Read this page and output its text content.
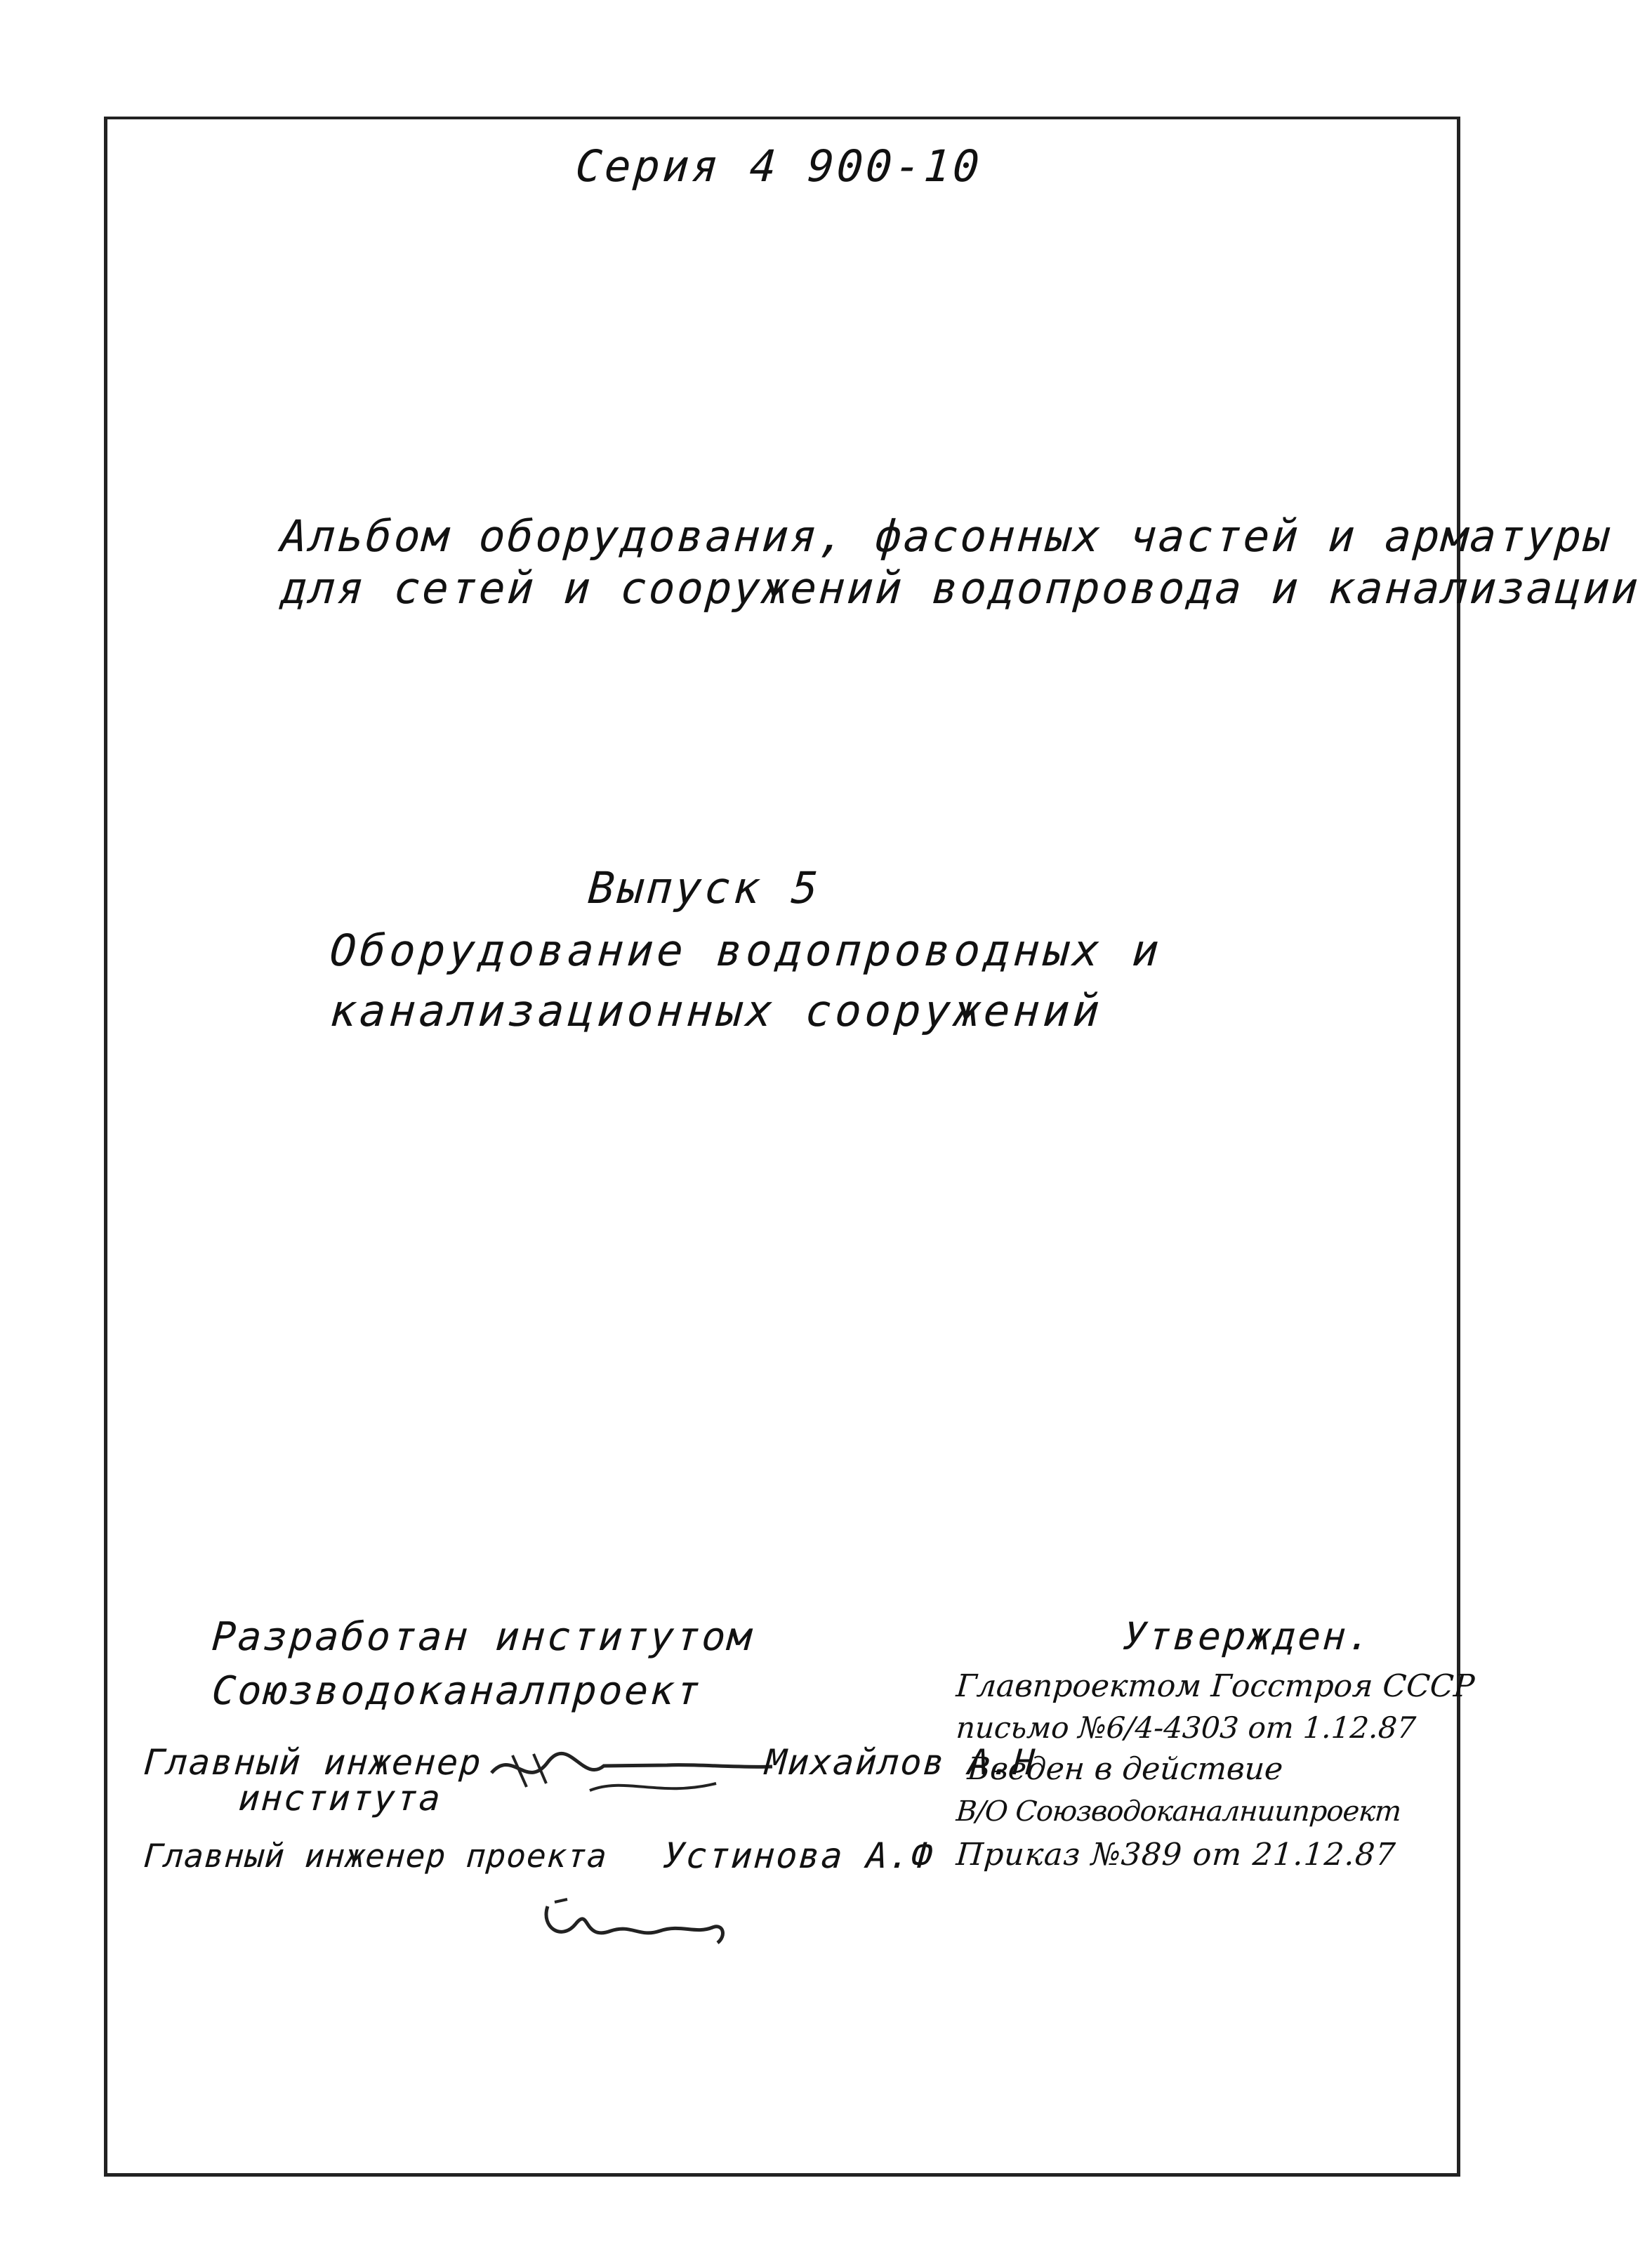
Серия 4 900-10

Альбом оборудования, фасонных частей и арматуры

для сетей и сооружений водопровода и канализации

Выпуск 5

Оборудование водопроводных и

канализационных сооружений

Разработан институтом

Союзводоканалпроект

Главный инженер

института

Михайлов А.Н

Главный инженер проекта Устинова А.Ф

Утвержден.

Главпроектом Госстроя СССР

письмо №6/4-4303 от 1.12.87

Введен в действие

В/О Союзводоканалниипроект

Приказ №389 от 21.12.87
